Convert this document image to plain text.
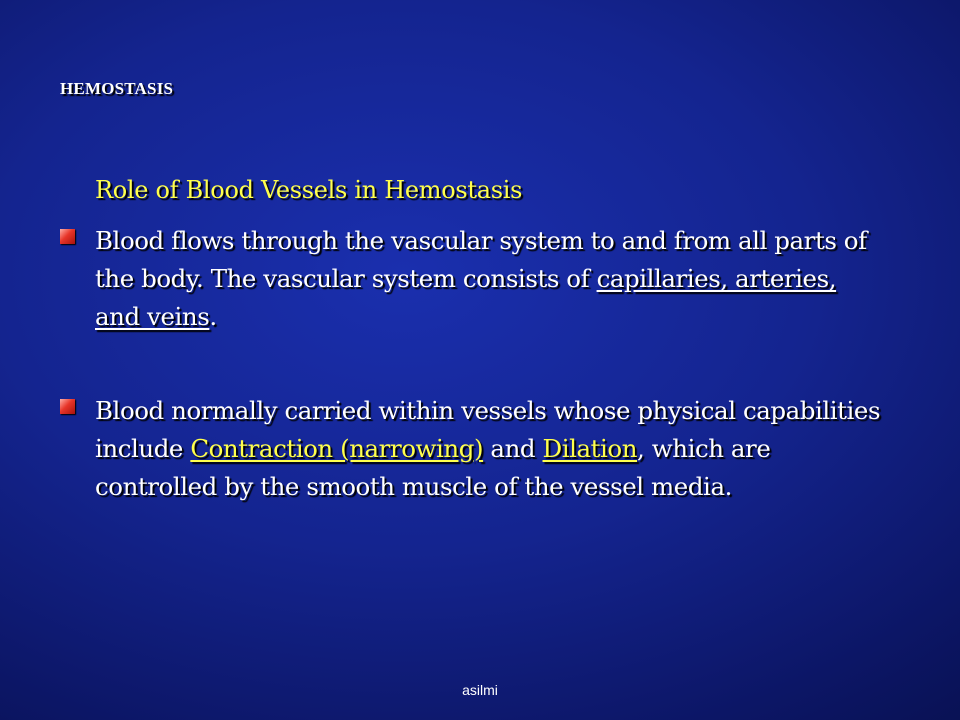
HEMOSTASIS
Role of Blood Vessels in Hemostasis
Blood flows through the vascular system to and from all parts of the body. The vascular system consists of capillaries, arteries, and veins.
Blood normally carried within vessels whose physical capabilities include Contraction (narrowing) and Dilation, which are controlled by the smooth muscle of the vessel media.
asilmi
